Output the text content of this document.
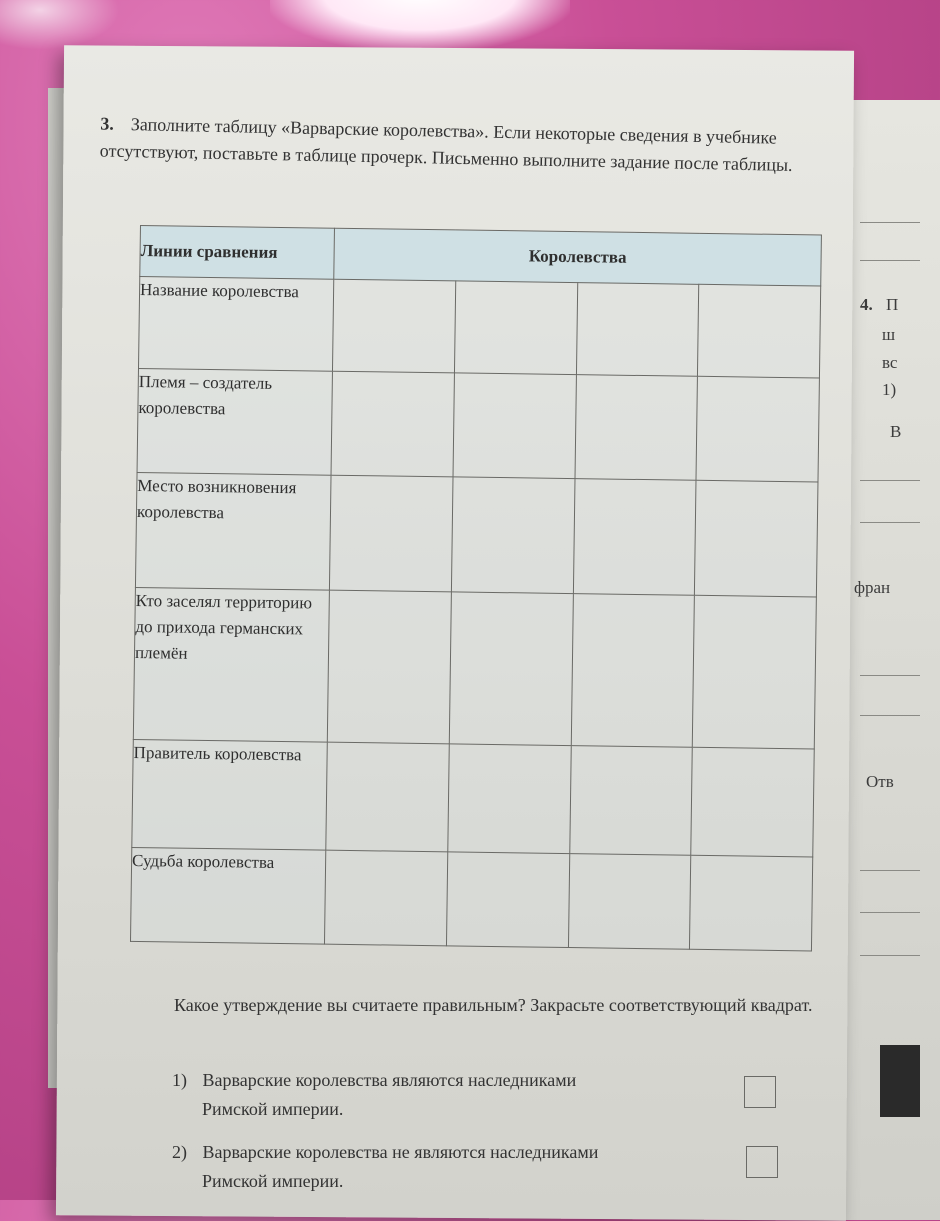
4. П
ш
вс
1)
В
фран
Отв
3. Заполните таблицу «Варварские королевства». Если некоторые сведения в учебнике отсутствуют, поставьте в таблице прочерк. Письменно выполните задание после таблицы.
Линии сравнения	Королевства			
Название королевства				
Племя – создатель королевства				
Место возникновения королевства				
Кто заселял территорию до прихода германских племён				
Правитель королевства				
Судьба королевства				
Какое утверждение вы считаете правильным? Закрасьте соответствующий квадрат.
1) Варварские королевства являются наследниками
Римской империи.
2) Варварские королевства не являются наследниками
Римской империи.
